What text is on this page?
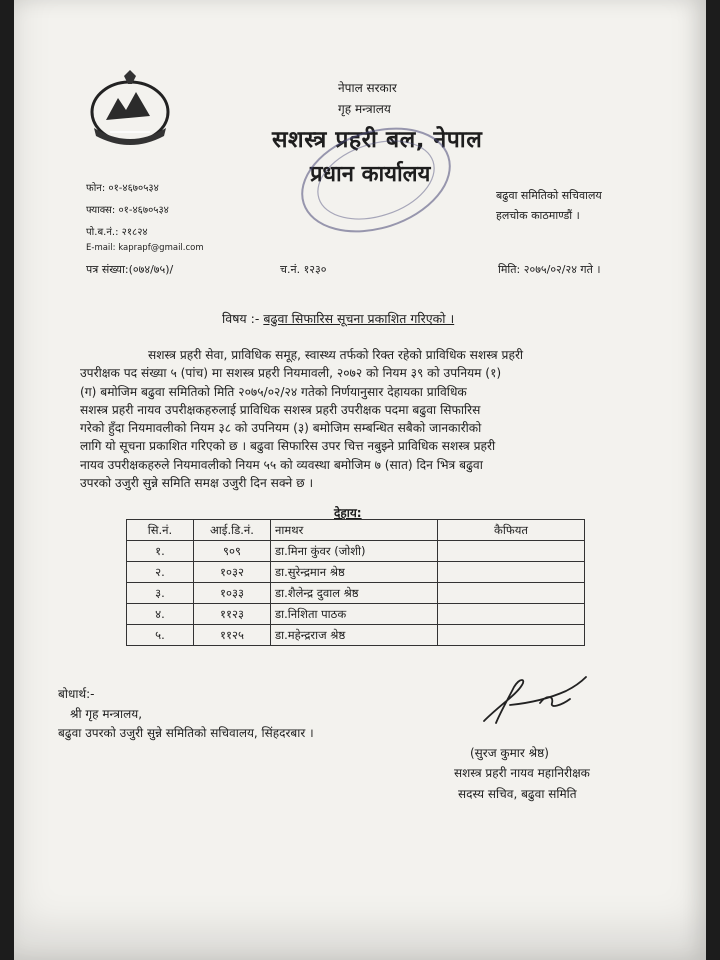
नेपाल सरकार
गृह मन्त्रालय
सशस्त्र प्रहरी बल, नेपाल
प्रधान कार्यालय
बढुवा समितिको सचिवालय
हलचोक काठमाण्डौं ।
फोन: ०१-४६७०५३४
फ्याक्स: ०१-४६७०५३४
पो.ब.नं.: २१८२४
E-mail: kaprapf@gmail.com
पत्र संख्या:(०७४/७५)/	च.नं. १२३०	मिति: २०७५/०२/२४ गते ।
विषय :- बढुवा सिफारिस सूचना प्रकाशित गरिएको ।
सशस्त्र प्रहरी सेवा, प्राविधिक समूह, स्वास्थ्य तर्फको रिक्त रहेको प्राविधिक सशस्त्र प्रहरी
उपरीक्षक पद संख्या ५ (पांच) मा सशस्त्र प्रहरी नियमावली, २०७२ को नियम ३९ को उपनियम (१)
(ग) बमोजिम बढुवा समितिको मिति २०७५/०२/२४ गतेको निर्णयानुसार देहायका प्राविधिक
सशस्त्र प्रहरी नायव उपरीक्षकहरुलाई प्राविधिक सशस्त्र प्रहरी उपरीक्षक पदमा बढुवा सिफारिस
गरेको हुँदा नियमावलीको नियम ३८ को उपनियम (३) बमोजिम सम्बन्धित सबैको जानकारीको
लागि यो सूचना प्रकाशित गरिएको छ । बढुवा सिफारिस उपर चित्त नबुझ्ने प्राविधिक सशस्त्र प्रहरी
नायव उपरीक्षकहरुले नियमावलीको नियम ५५ को व्यवस्था बमोजिम ७ (सात) दिन भित्र बढुवा
उपरको उजुरी सुन्ने समिति समक्ष उजुरी दिन सक्ने छ ।
देहाय:
सि.नं.	आई.डि.नं.	नामथर	कैफियत
१.	९०९	डा.मिना कुंवर (जोशी)	
२.	१०३२	डा.सुरेन्द्रमान श्रेष्ठ	
३.	१०३३	डा.शैलेन्द्र दुवाल श्रेष्ठ	
४.	११२३	डा.निशिता पाठक	
५.	११२५	डा.महेन्द्रराज श्रेष्ठ	
बोधार्थ:-
श्री गृह मन्त्रालय,
बढुवा उपरको उजुरी सुन्ने समितिको सचिवालय, सिंहदरबार ।
(सुरज कुमार श्रेष्ठ)
सशस्त्र प्रहरी नायव महानिरीक्षक
सदस्य सचिव, बढुवा समिति
